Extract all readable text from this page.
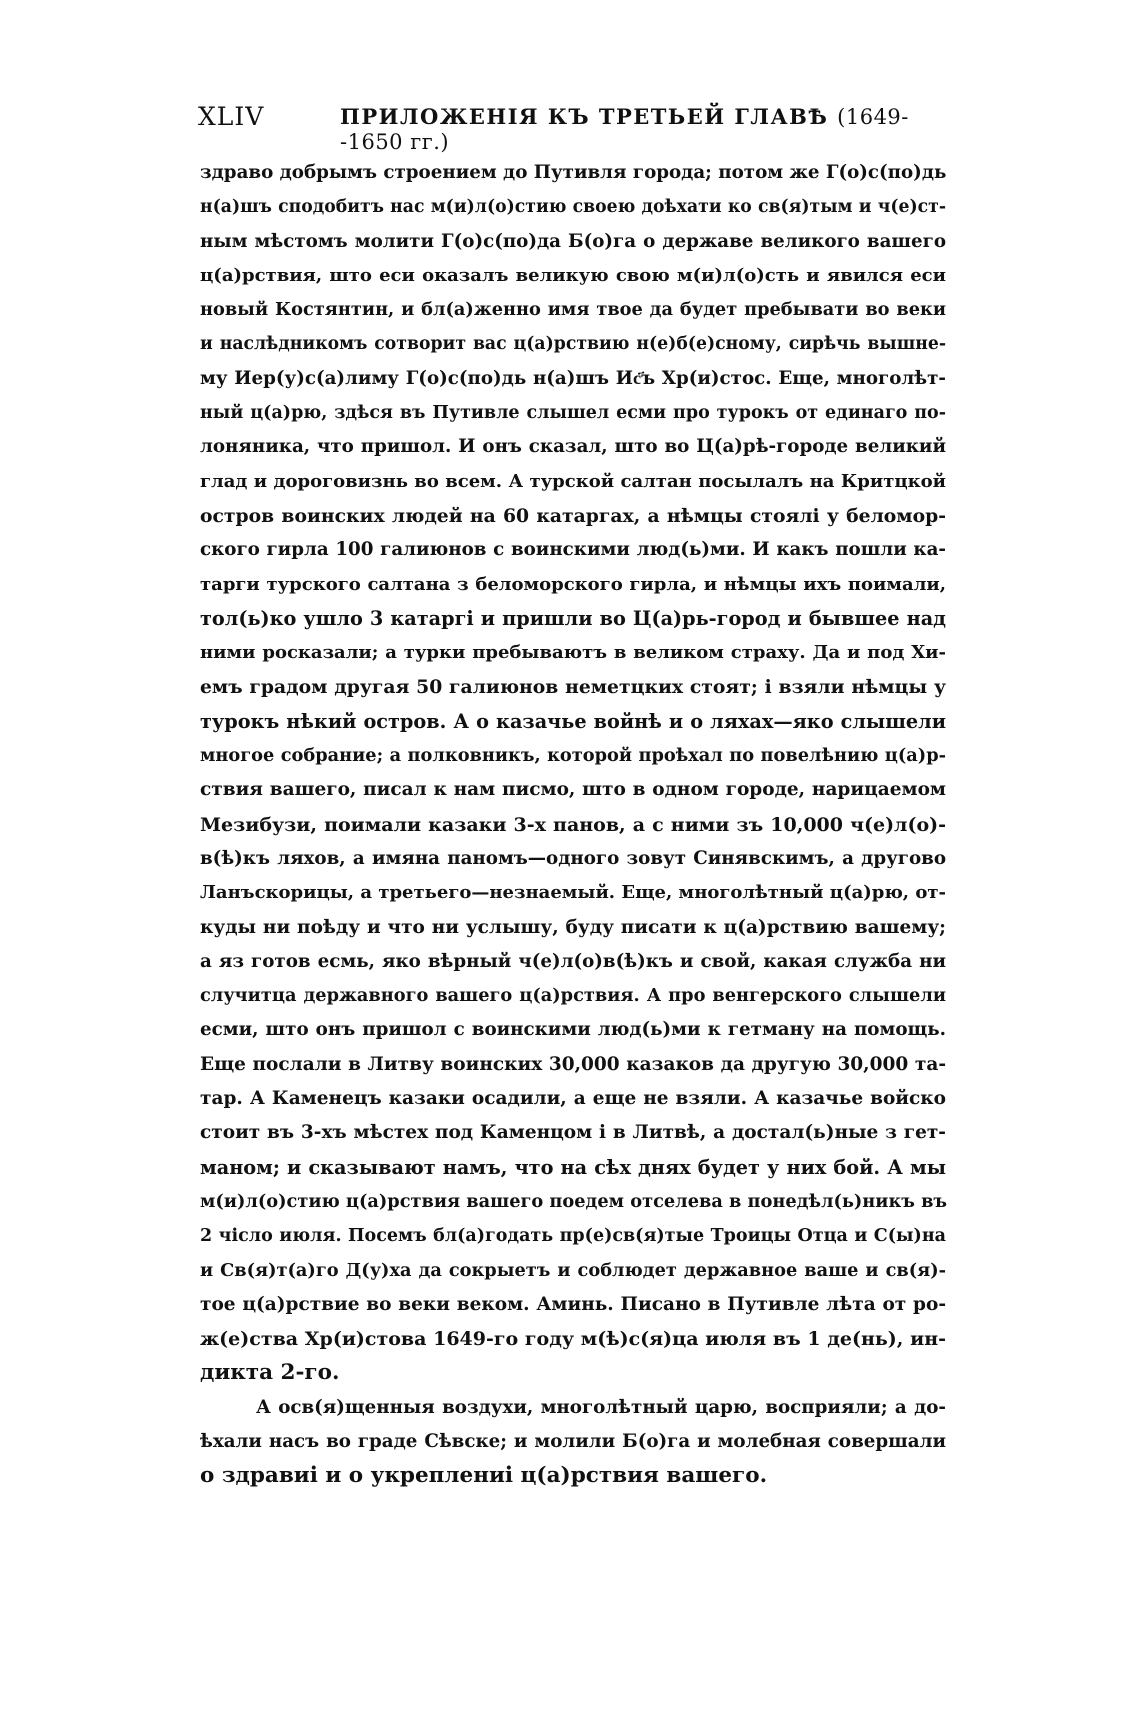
XLIV	ПРИЛОЖЕНІЯ КЪ ТРЕТЬЕЙ ГЛАВѢ (1649--1650 гг.)
здраво добрымъ строением до Путивля города; потом же Г(о)с(по)дь
н(а)шъ сподобитъ нас м(и)л(о)стию своею доѣхати ко св(я)тым и ч(е)ст-
ным мѣстомъ молити Г(о)с(по)да Б(о)га о державе великого вашего
ц(а)рствия, што еси оказалъ великую свою м(и)л(о)сть и явился еси
новый Костянтин, и бл(а)женно имя твое да будет пребывати во веки
и наслѣдникомъ сотворит вас ц(а)рствию н(е)б(е)сному, сирѣчь вышне-
му Иер(у)с(а)лиму Г(о)с(по)дь н(а)шъ Ис҃ъ Хр(и)стос. Еще, многолѣт-
ный ц(а)рю, здѣся въ Путивле слышел есми про турокъ от единаго по-
лоняника, что пришол. И онъ сказал, што во Ц(а)рѣ-городе великий
глад и дороговизнь во всем. А турской салтан посылалъ на Критцкой
остров воинских людей на 60 катаргах, а нѣмцы стоялі у беломор-
ского гирла 100 галиюнов с воинскими люд(ь)ми. И какъ пошли ка-
тарги турского салтана з беломорского гирла, и нѣмцы ихъ поимали,
тол(ь)ко ушло 3 катаргі и пришли во Ц(а)рь-город и бывшее над
ними росказали; а турки пребываютъ в великом страху. Да и под Хи-
емъ градом другая 50 галиюнов неметцких стоят; і взяли нѣмцы у
турокъ нѣкий остров. А о казачье войнѣ и о ляхах—яко слышели
многое собрание; а полковникъ, которой проѣхал по повелѣнию ц(а)р-
ствия вашего, писал к нам писмо, што в одном городе, нарицаемом
Мезибузи, поимали казаки 3-х панов, а с ними зъ 10,000 ч(е)л(о)-
в(ѣ)къ ляхов, а имяна паномъ—одного зовут Синявскимъ, а другово
Ланъскорицы, а третьего—незнаемый. Еще, многолѣтный ц(а)рю, от-
куды ни поѣду и что ни услышу, буду писати к ц(а)рствию вашему;
а яз готов есмь, яко вѣрный ч(е)л(о)в(ѣ)къ и свой, какая служба ни
случитца державного вашего ц(а)рствия. А про венгерского слышели
есми, што онъ пришол с воинскими люд(ь)ми к гетману на помощь.
Еще послали в Литву воинских 30,000 казаков да другую 30,000 та-
тар. А Каменецъ казаки осадили, а еще не взяли. А казачье войско
стоит въ 3-хъ мѣстех под Каменцом і в Литвѣ, а достал(ь)ные з гет-
маном; и сказывают намъ, что на сѣх днях будет у них бой. А мы
м(и)л(о)стию ц(а)рствия вашего поедем отселева в понедѣл(ь)никъ въ
2 чісло июля. Посемъ бл(а)годать пр(е)св(я)тые Троицы Отца и С(ы)на
и Св(я)т(а)го Д(у)ха да сокрыетъ и соблюдет державное ваше и св(я)-
тое ц(а)рствие во веки веком. Аминь. Писано в Путивле лѣта от ро-
ж(е)ства Хр(и)стова 1649-го году м(ѣ)с(я)ца июля въ 1 де(нь), ин-
дикта 2-го.
А осв(я)щенныя воздухи, многолѣтный царю, восприяли; а до-
ѣхали насъ во граде Сѣвске; и молили Б(о)га и молебная совершали
о здравиі и о укреплениі ц(а)рствия вашего.
